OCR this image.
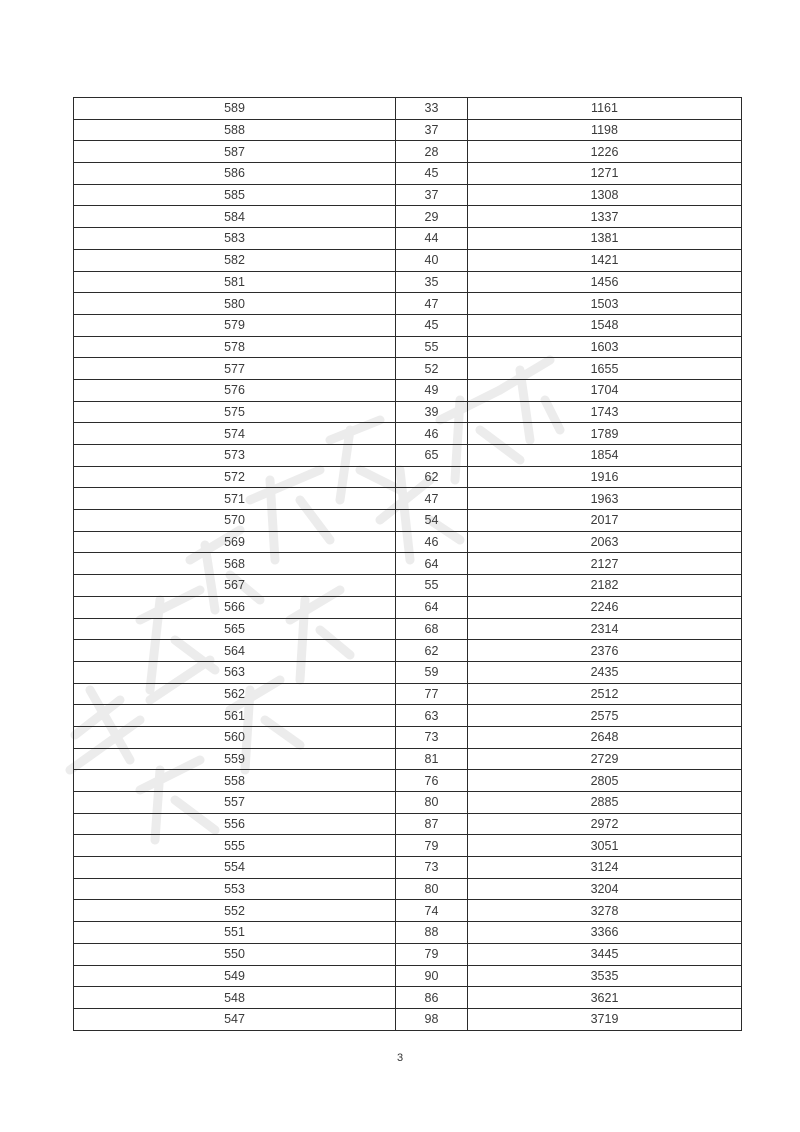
589	33	1161
588	37	1198
587	28	1226
586	45	1271
585	37	1308
584	29	1337
583	44	1381
582	40	1421
581	35	1456
580	47	1503
579	45	1548
578	55	1603
577	52	1655
576	49	1704
575	39	1743
574	46	1789
573	65	1854
572	62	1916
571	47	1963
570	54	2017
569	46	2063
568	64	2127
567	55	2182
566	64	2246
565	68	2314
564	62	2376
563	59	2435
562	77	2512
561	63	2575
560	73	2648
559	81	2729
558	76	2805
557	80	2885
556	87	2972
555	79	3051
554	73	3124
553	80	3204
552	74	3278
551	88	3366
550	79	3445
549	90	3535
548	86	3621
547	98	3719
3
